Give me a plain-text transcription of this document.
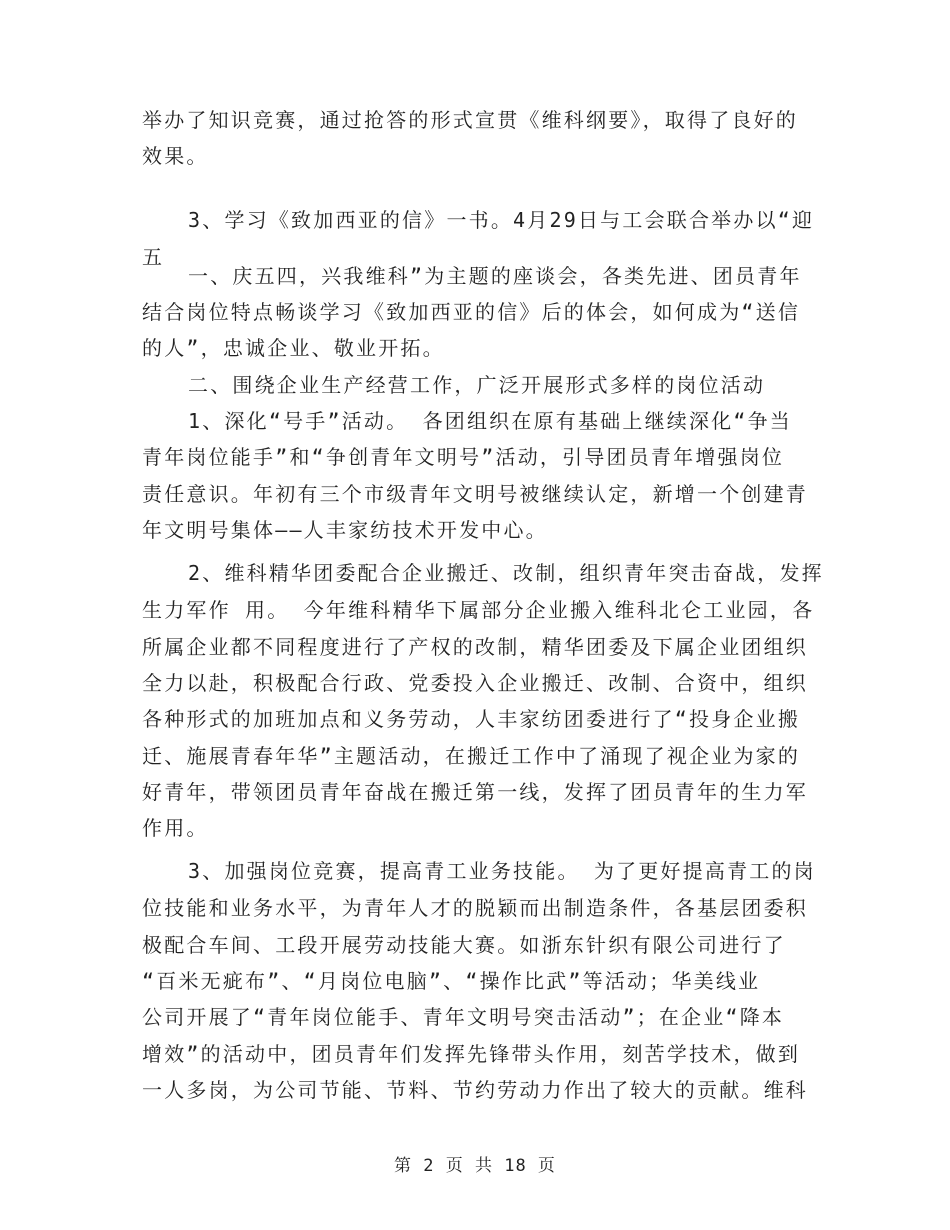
举办了知识竞赛，通过抢答的形式宣贯《维科纲要》，取得了良好的
效果。
3、学习《致加西亚的信》一书。4月29日与工会联合举办以“迎
五
一、庆五四，兴我维科”为主题的座谈会，各类先进、团员青年
结合岗位特点畅谈学习《致加西亚的信》后的体会，如何成为“送信
的人”，忠诚企业、敬业开拓。
二、围绕企业生产经营工作，广泛开展形式多样的岗位活动
1、深化“号手”活动。 各团组织在原有基础上继续深化“争当
青年岗位能手”和“争创青年文明号”活动，引导团员青年增强岗位
责任意识。年初有三个市级青年文明号被继续认定，新增一个创建青
年文明号集体——人丰家纺技术开发中心。
2、维科精华团委配合企业搬迁、改制，组织青年突击奋战，发挥
生力军作 用。 今年维科精华下属部分企业搬入维科北仑工业园，各
所属企业都不同程度进行了产权的改制，精华团委及下属企业团组织
全力以赴，积极配合行政、党委投入企业搬迁、改制、合资中，组织
各种形式的加班加点和义务劳动，人丰家纺团委进行了“投身企业搬
迁、施展青春年华”主题活动，在搬迁工作中了涌现了视企业为家的
好青年，带领团员青年奋战在搬迁第一线，发挥了团员青年的生力军
作用。
3、加强岗位竞赛，提高青工业务技能。 为了更好提高青工的岗
位技能和业务水平，为青年人才的脱颖而出制造条件，各基层团委积
极配合车间、工段开展劳动技能大赛。如浙东针织有限公司进行了
“百米无疵布”、“月岗位电脑”、“操作比武”等活动；华美线业
公司开展了“青年岗位能手、青年文明号突击活动”；在企业“降本
增效”的活动中，团员青年们发挥先锋带头作用，刻苦学技术，做到
一人多岗，为公司节能、节料、节约劳动力作出了较大的贡献。维科
第 2 页 共 18 页
